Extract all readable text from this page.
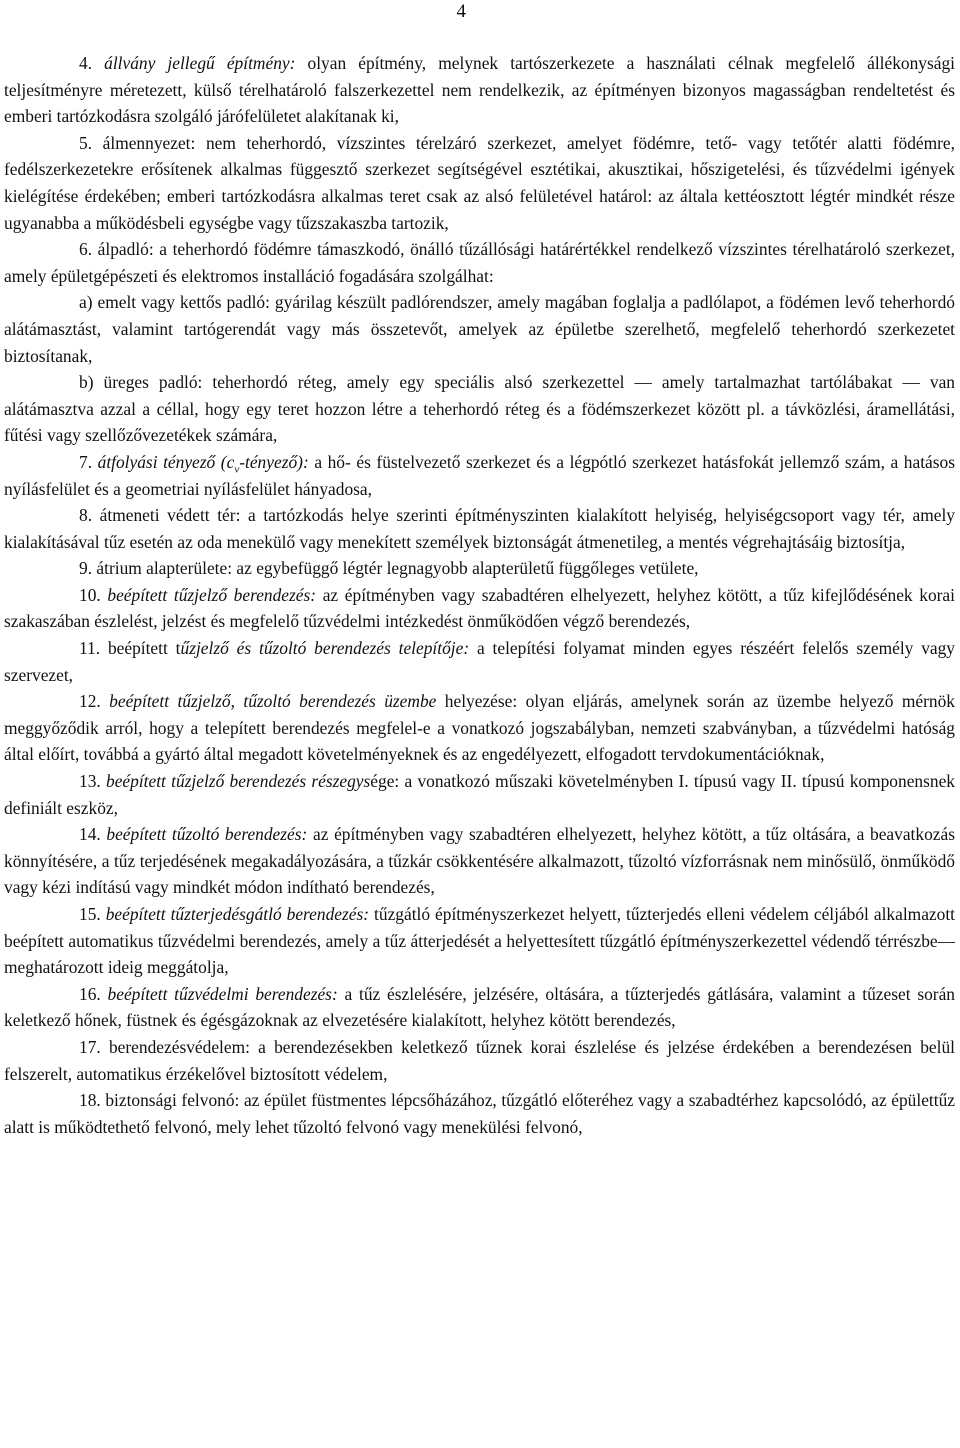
4

4. állvány jellegű építmény: olyan építmény, melynek tartószerkezete a használati célnak megfelelő állékonysági teljesítményre méretezett, külső térelhatároló falszerkezettel nem rendelkezik, az építményen bizonyos magasságban rendeltetést és emberi tartózkodásra szolgáló járófelületet alakítanak ki,

5. álmennyezet: nem teherhordó, vízszintes térelzáró szerkezet, amelyet födémre, tető- vagy tetőtér alatti födémre, fedélszerkezetekre erősítenek alkalmas függesztő szerkezet segítségével esztétikai, akusztikai, hőszigetelési, és tűzvédelmi igények kielégítése érdekében; emberi tartózkodásra alkalmas teret csak az alsó felületével határol: az általa kettéosztott légtér mindkét része ugyanabba a működésbeli egységbe vagy tűzszakaszba tartozik,

6. álpadló: a teherhordó födémre támaszkodó, önálló tűzállósági határértékkel rendelkező vízszintes térelhatároló szerkezet, amely épületgépészeti és elektromos installáció fogadására szolgálhat:

a) emelt vagy kettős padló: gyárilag készült padlórendszer, amely magában foglalja a padlólapot, a födémen levő teherhordó alátámasztást, valamint tartógerendát vagy más összetevőt, amelyek az épületbe szerelhető, megfelelő teherhordó szerkezetet biztosítanak,

b) üreges padló: teherhordó réteg, amely egy speciális alsó szerkezettel — amely tartalmazhat tartólábakat — van alátámasztva azzal a céllal, hogy egy teret hozzon létre a teherhordó réteg és a födémszerkezet között pl. a távközlési, áramellátási, fűtési vagy szellőzővezetékek számára,

7. átfolyási tényező $(c_v-tényező)$: a hő- és füstelvezető szerkezet és a légpótló szerkezet hatásfokát jellemző szám, a hatásos nyílásfelület és a geometriai nyílásfelület hányadosa,

8. átmeneti védett tér: a tartózkodás helye szerinti építményszinten kialakított helyiség, helyiségcsoport vagy tér, amely kialakításával tűz esetén az oda menekülő vagy menekített személyek biztonságát átmenetileg, a mentés végrehajtásáig biztosítja,

9. átrium alapterülete: az egybefüggő légtér legnagyobb alapterületű függőleges vetülete,

10. beépített tűzjelző berendezés: az építményben vagy szabadtéren elhelyezett, helyhez kötött, a tűz kifejlődésének korai szakaszában észlelést, jelzést és megfelelő tűzvédelmi intézkedést önműködően végző berendezés,

11. beépített tűzjelző és tűzoltó berendezés telepítője: a telepítési folyamat minden egyes részéért felelős személy vagy szervezet,

12. beépített tűzjelző, tűzoltó berendezés üzembe helyezése: olyan eljárás, amelynek során az üzembe helyező mérnök meggyőződik arról, hogy a telepített berendezés megfelel-e a vonatkozó jogszabályban, nemzeti szabványban, a tűzvédelmi hatóság által előírt, továbbá a gyártó által megadott követelményeknek és az engedélyezett, elfogadott tervdokumentációknak,

13. beépített tűzjelző berendezés részegysége: a vonatkozó műszaki követelményben I. típusú vagy II. típusú komponensnek definiált eszköz,

14. beépített tűzoltó berendezés: az építményben vagy szabadtéren elhelyezett, helyhez kötött, a tűz oltására, a beavatkozás könnyítésére, a tűz terjedésének megakadályozására, a tűzkár csökkentésére alkalmazott, tűzoltó vízforrásnak nem minősülő, önműködő vagy kézi indítású vagy mindkét módon indítható berendezés,

15. beépített tűzterjedésgátló berendezés: tűzgátló építményszerkezet helyett, tűzterjedés elleni védelem céljából alkalmazott beépített automatikus tűzvédelmi berendezés, amely a tűz átterjedését a helyettesített tűzgátló építményszerkezettel védendő térrészbe—meghatározott ideig meggátolja,

16. beépített tűzvédelmi berendezés: a tűz észlelésére, jelzésére, oltására, a tűzterjedés gátlására, valamint a tűzeset során keletkező hőnek, füstnek és égésgázoknak az elvezetésére kialakított, helyhez kötött berendezés,

17. berendezésvédelem: a berendezésekben keletkező tűznek korai észlelése és jelzése érdekében a berendezésen belül felszerelt, automatikus érzékelővel biztosított védelem,

18. biztonsági felvonó: az épület füstmentes lépcsőházához, tűzgátló előteréhez vagy a szabadtérhez kapcsolódó, az épülettűz alatt is működtethető felvonó, mely lehet tűzoltó felvonó vagy menekülési felvonó,
